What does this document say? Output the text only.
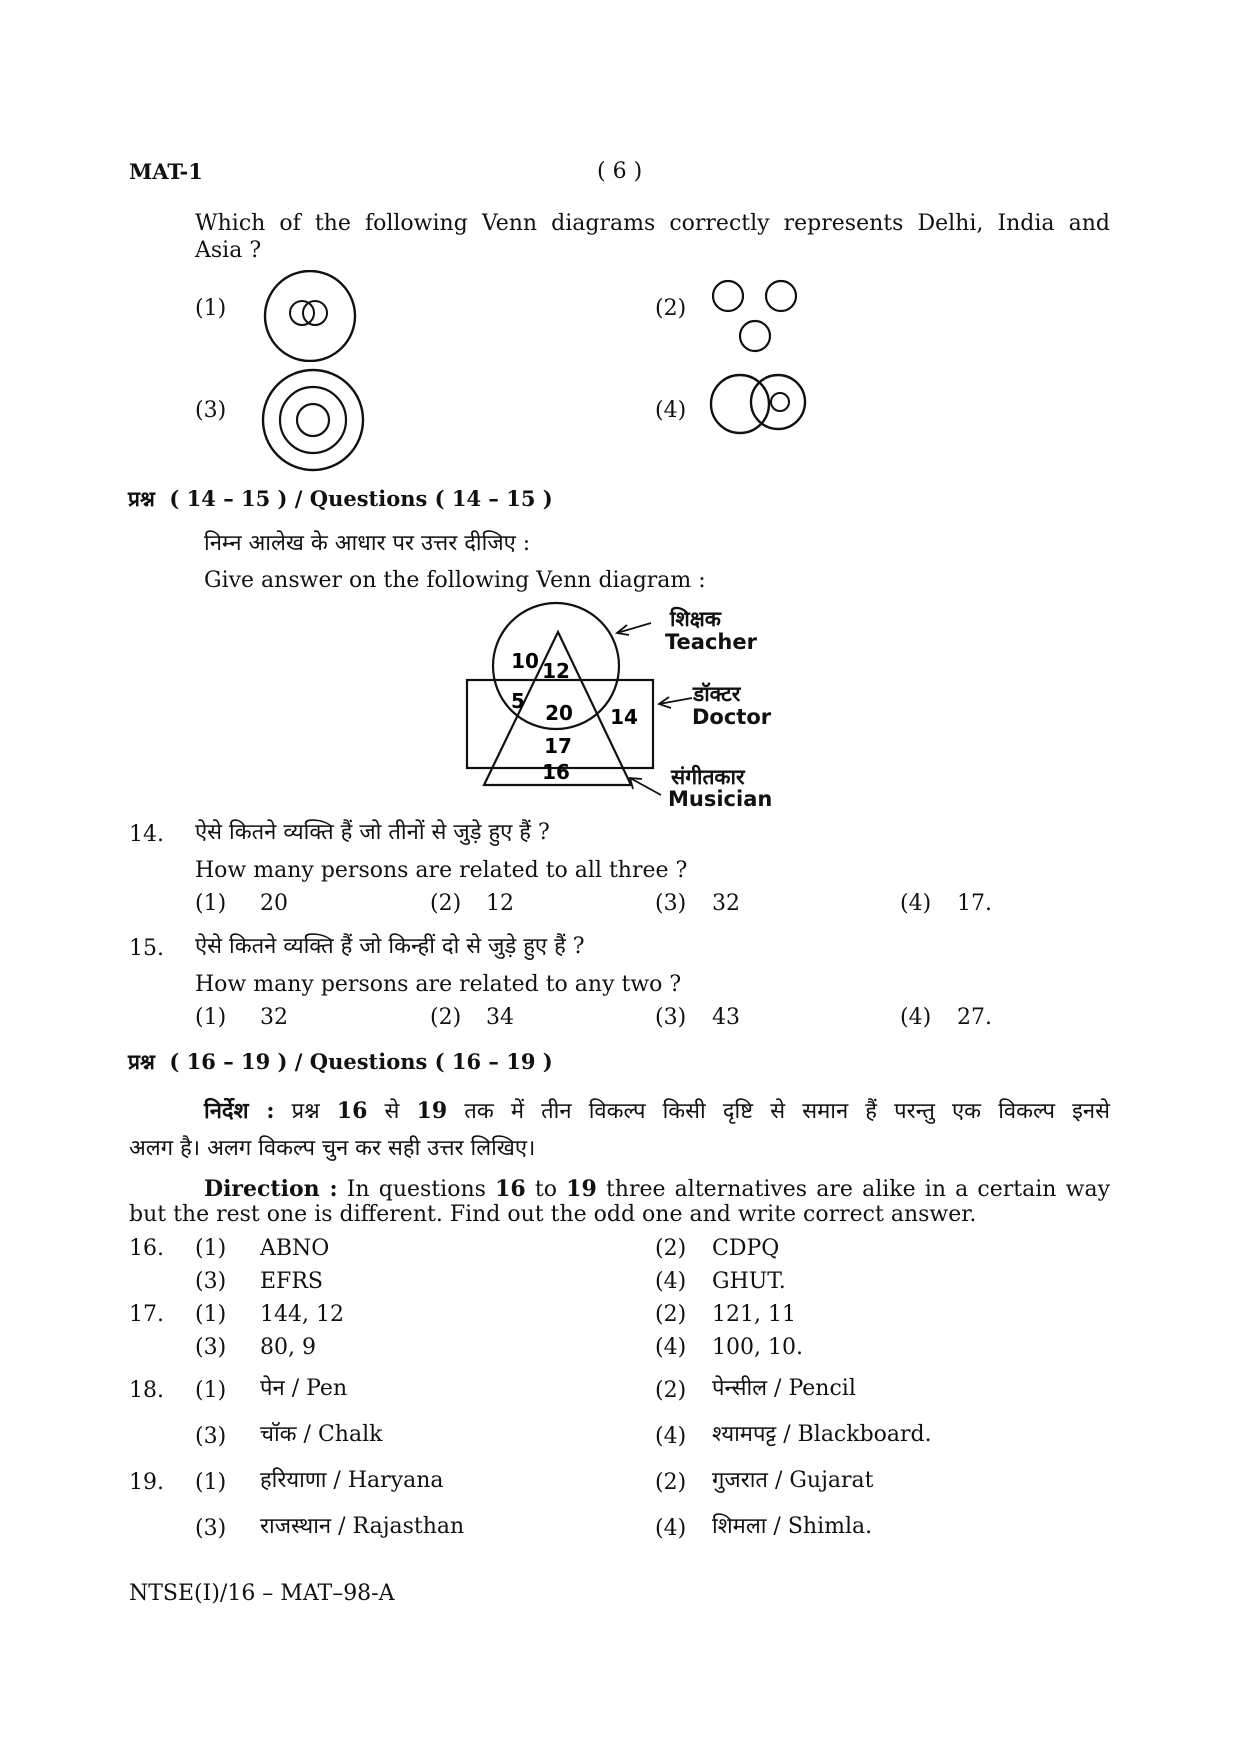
MAT-1	( 6 )
Which of the following Venn diagrams correctly represents Delhi, India and
Asia ?
(1)	(2)
(3)	(4)
प्रश्न ( 14 – 15 ) / Questions ( 14 – 15 )
निम्न आलेख के आधार पर उत्तर दीजिए :
Give answer on the following Venn diagram :
10 12
5 20 14
17
16
शिक्षक
Teacher
डॉक्टर
Doctor
संगीतकार
Musician
14. ऐसे कितने व्यक्ति हैं जो तीनों से जुड़े हुए हैं ?
How many persons are related to all three ?
(1) 20	(2) 12	(3) 32	(4) 17.
15. ऐसे कितने व्यक्ति हैं जो किन्हीं दो से जुड़े हुए हैं ?
How many persons are related to any two ?
(1) 32	(2) 34	(3) 43	(4) 27.
प्रश्न ( 16 – 19 ) / Questions ( 16 – 19 )
निर्देश : प्रश्न 16 से 19 तक में तीन विकल्प किसी दृष्टि से समान हैं परन्तु एक विकल्प इनसे
अलग है। अलग विकल्प चुन कर सही उत्तर लिखिए।
Direction : In questions 16 to 19 three alternatives are alike in a certain way
but the rest one is different. Find out the odd one and write correct answer.
16. (1) ABNO	(2) CDPQ
(3) EFRS	(4) GHUT.
17. (1) 144, 12	(2) 121, 11
(3) 80, 9	(4) 100, 10.
18. (1) पेन / Pen	(2) पेन्सील / Pencil
(3) चॉक / Chalk	(4) श्यामपट्ट / Blackboard.
19. (1) हरियाणा / Haryana	(2) गुजरात / Gujarat
(3) राजस्थान / Rajasthan	(4) शिमला / Shimla.
NTSE(I)/16 – MAT–98-A
